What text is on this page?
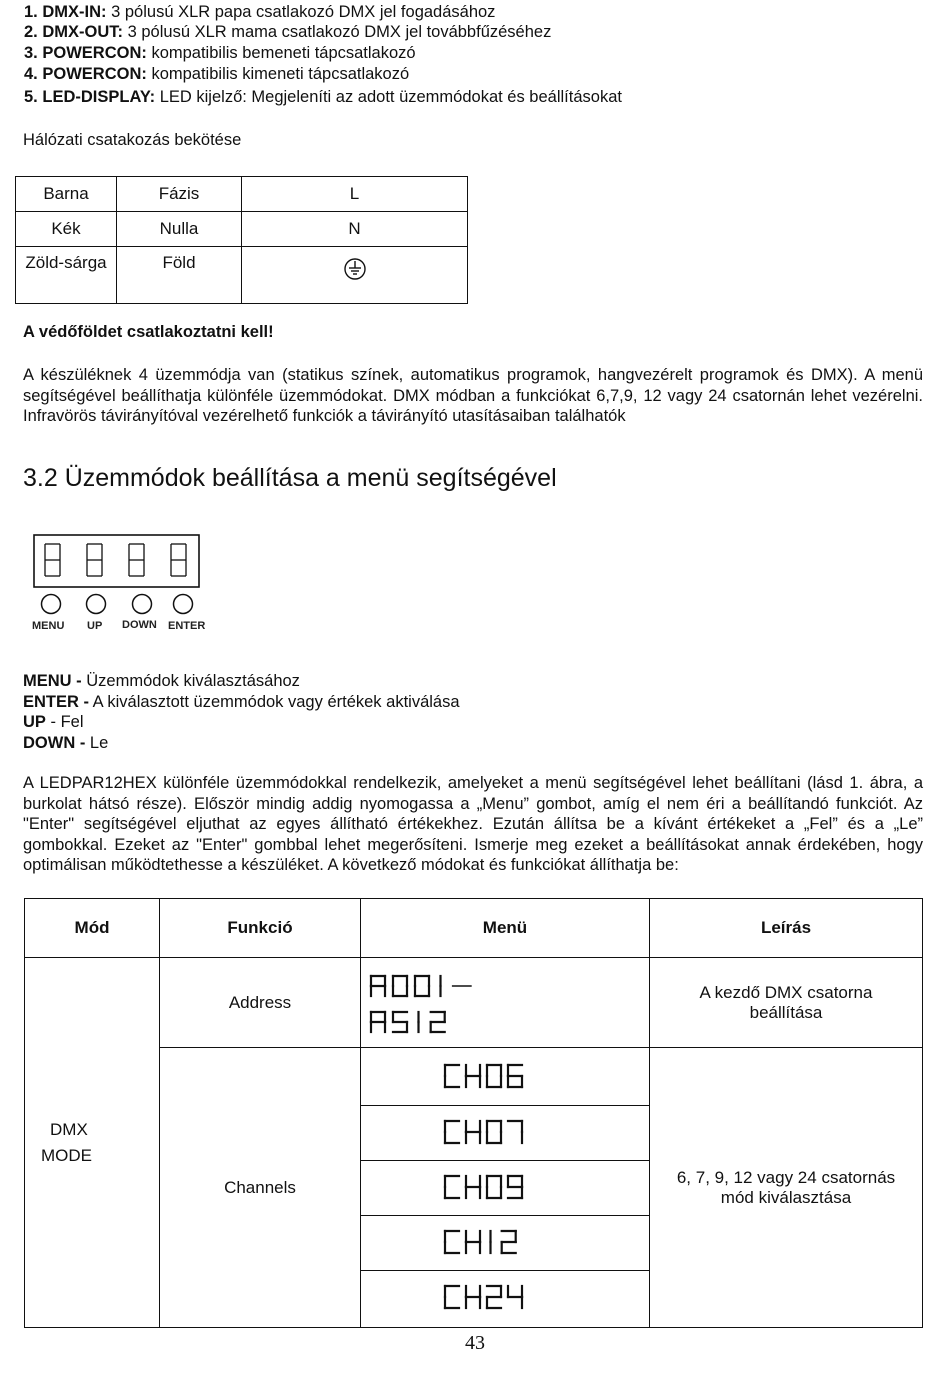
1. DMX-IN: 3 pólusú XLR papa csatlakozó DMX jel fogadásához
2. DMX-OUT: 3 pólusú XLR mama csatlakozó DMX jel továbbfűzéséhez
3. POWERCON: kompatibilis bemeneti tápcsatlakozó
4. POWERCON: kompatibilis kimeneti tápcsatlakozó
5. LED-DISPLAY: LED kijelző: Megjeleníti az adott üzemmódokat és beállításokat
Hálózati csatakozás bekötése
Barna	Fázis	L
Kék	Nulla	N
Zöld-sárga	Föld	
A védőföldet csatlakoztatni kell!
A készüléknek 4 üzemmódja van (statikus színek, automatikus programok, hangvezérelt programok és DMX). A menü segítségével beállíthatja különféle üzemmódokat. DMX módban a funkciókat 6,7,9, 12 vagy 24 csatornán lehet vezérelni. Infravörös távirányítóval vezérelhető funkciók a távirányító utasításaiban találhatók
3.2 Üzemmódok beállítása a menü segítségével
MENU UP DOWN ENTER
MENU - Üzemmódok kiválasztásához
ENTER - A kiválasztott üzemmódok vagy értékek aktiválása
UP - Fel
DOWN - Le
A LEDPAR12HEX különféle üzemmódokkal rendelkezik, amelyeket a menü segítségével lehet beállítani (lásd 1. ábra, a burkolat hátsó része). Először mindig addig nyomogassa a „Menu” gombot, amíg el nem éri a beállítandó funkciót. Az "Enter" segítségével eljuthat az egyes állítható értékekhez. Ezután állítsa be a kívánt értékeket a „Fel” és a „Le” gombokkal. Ezeket az "Enter" gombbal lehet megerősíteni. Ismerje meg ezeket a beállításokat annak érdekében, hogy optimálisan működtethesse a készüléket. A következő módokat és funkciókat állíthatja be:
Mód	Funkció	Menü	Leírás

DMX
MODE	Address		A kezdő DMX csatorna beállítása
	Channels		6, 7, 9, 12 vagy 24 csatornás mód kiválasztása
43
